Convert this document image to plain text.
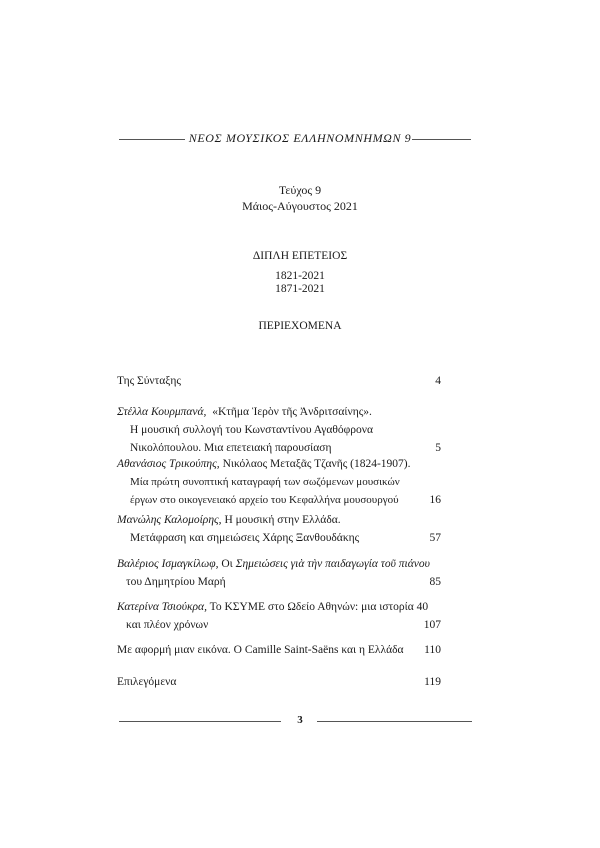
ΝΕΟΣ ΜΟΥΣΙΚΟΣ ΕΛΛΗΝΟΜΝΗΜΩΝ 9
Τεύχος 9
Μάιος-Αύγουστος 2021
ΔΙΠΛΗ ΕΠΕΤΕΙΟΣ
1821-2021
1871-2021
ΠΕΡΙΕΧΟΜΕΝΑ
Της Σύνταξης	4
Στέλλα Κουρμπανά, «Κτῆμα Ἱερὸν τῆς Ἀνδριτσαίνης».
Η μουσική συλλογή του Κωνσταντίνου Αγαθόφρονα
Νικολόπουλου. Μια επετειακή παρουσίαση	5
Αθανάσιος Τρικούπης, Νικόλαος Μεταξᾶς Τζανῆς (1824-1907).
Μία πρώτη συνοπτική καταγραφή των σωζόμενων μουσικών
έργων στο οικογενειακό αρχείο του Κεφαλλήνα μουσουργού	16
Μανώλης Καλομοίρης, Η μουσική στην Ελλάδα.
Μετάφραση και σημειώσεις Χάρης Ξανθουδάκης	57
Βαλέριος Ισμαγκίλωφ, Οι Σημειώσεις γιὰ τὴν παιδαγωγία τοῦ πιάνου
του Δημητρίου Μαρή	85
Κατερίνα Τσιούκρα, Το ΚΣΥΜΕ στο Ωδείο Αθηνών: μια ιστορία 40
και πλέον χρόνων	107
Με αφορμή μιαν εικόνα. Ο Camille Saint-Saëns και η Ελλάδα	110
Επιλεγόμενα	119
3
